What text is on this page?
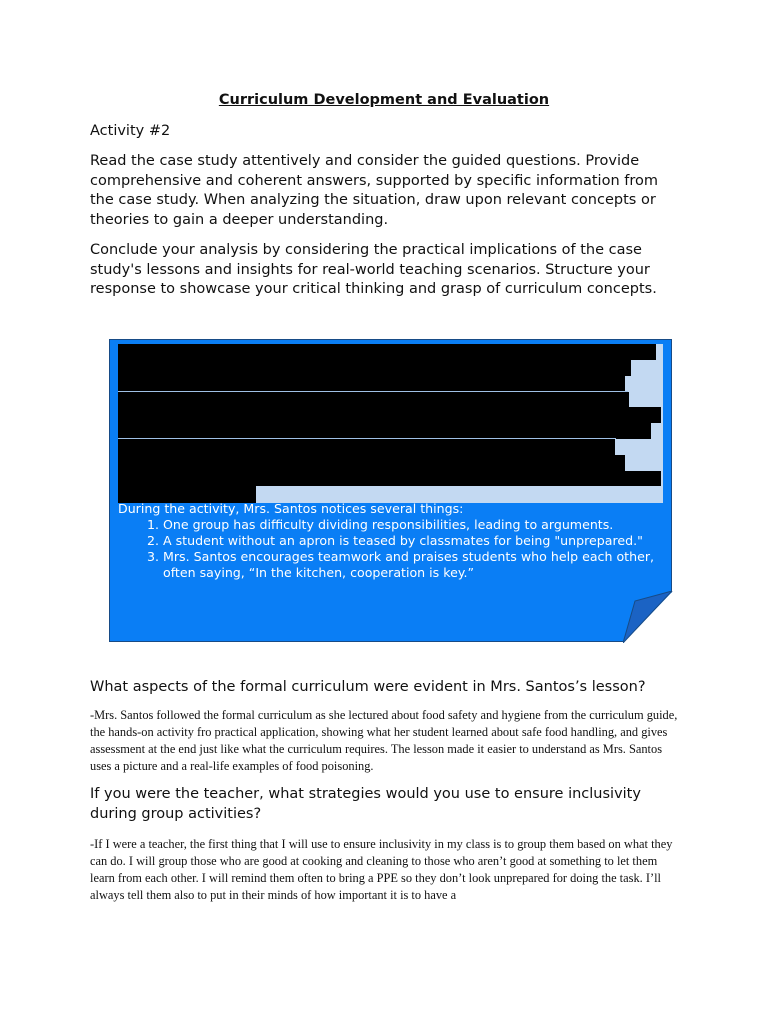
Curriculum Development and Evaluation

Activity #2

Read the case study attentively and consider the guided questions. Provide comprehensive and coherent answers, supported by specific information from the case study. When analyzing the situation, draw upon relevant concepts or theories to gain a deeper understanding.

Conclude your analysis by considering the practical implications of the case study's lessons and insights for real-world teaching scenarios. Structure your response to showcase your critical thinking and grasp of curriculum concepts.

During the activity, Mrs. Santos notices several things:
1. One group has difficulty dividing responsibilities, leading to arguments.
2. A student without an apron is teased by classmates for being "unprepared."
3. Mrs. Santos encourages teamwork and praises students who help each other, often saying, “In the kitchen, cooperation is key.”

What aspects of the formal curriculum were evident in Mrs. Santos’s lesson?

-Mrs. Santos followed the formal curriculum as she lectured about food safety and hygiene from the curriculum guide, the hands-on activity fro practical application, showing what her student learned about safe food handling, and gives assessment at the end just like what the curriculum requires. The lesson made it easier to understand as Mrs. Santos uses a picture and a real-life examples of food poisoning.

If you were the teacher, what strategies would you use to ensure inclusivity during group activities?

-If I were a teacher, the first thing that I will use to ensure inclusivity in my class is to group them based on what they can do. I will group those who are good at cooking and cleaning to those who aren’t good at something to let them learn from each other. I will remind them often to bring a PPE so they don’t look unprepared for doing the task. I’ll always tell them also to put in their minds of how important it is to have a
